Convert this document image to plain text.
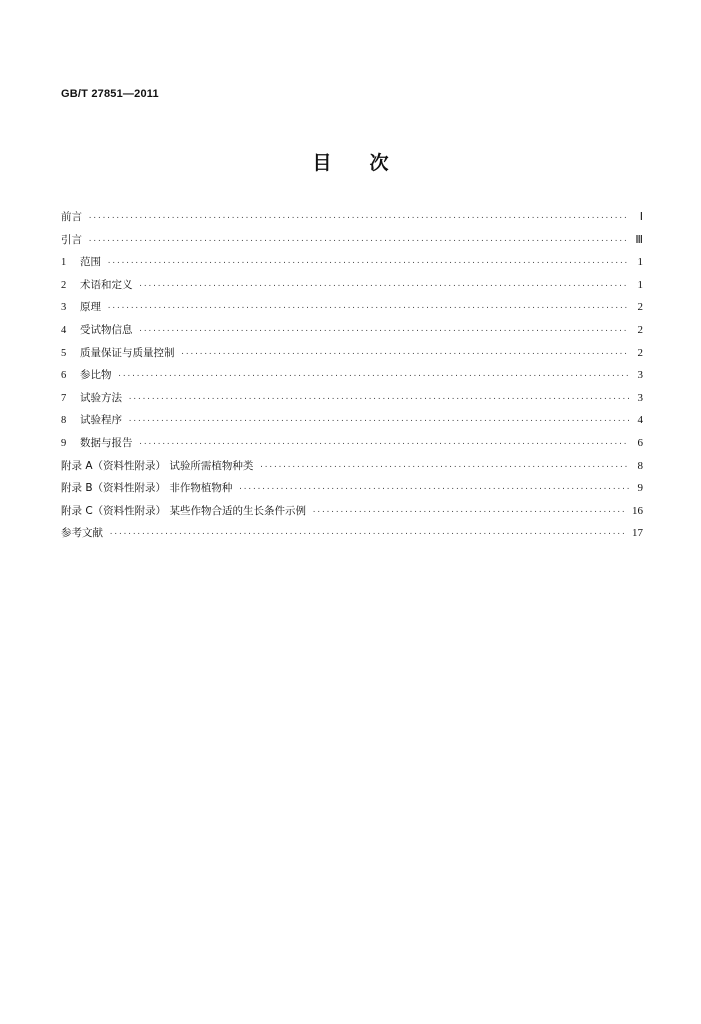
GB/T 27851—2011
目次
前言 ·····	Ⅰ
引言 ·····	Ⅲ
1 范围 ·····	1
2 术语和定义 ·····	1
3 原理 ·····	2
4 受试物信息 ·····	2
5 质量保证与质量控制 ·····	2
6 参比物 ·····	3
7 试验方法 ·····	3
8 试验程序 ·····	4
9 数据与报告 ·····	6
附录 A（资料性附录） 试验所需植物种类 ·····	8
附录 B（资料性附录） 非作物植物种 ·····	9
附录 C（资料性附录） 某些作物合适的生长条件示例 ·····	16
参考文献 ·····	17
